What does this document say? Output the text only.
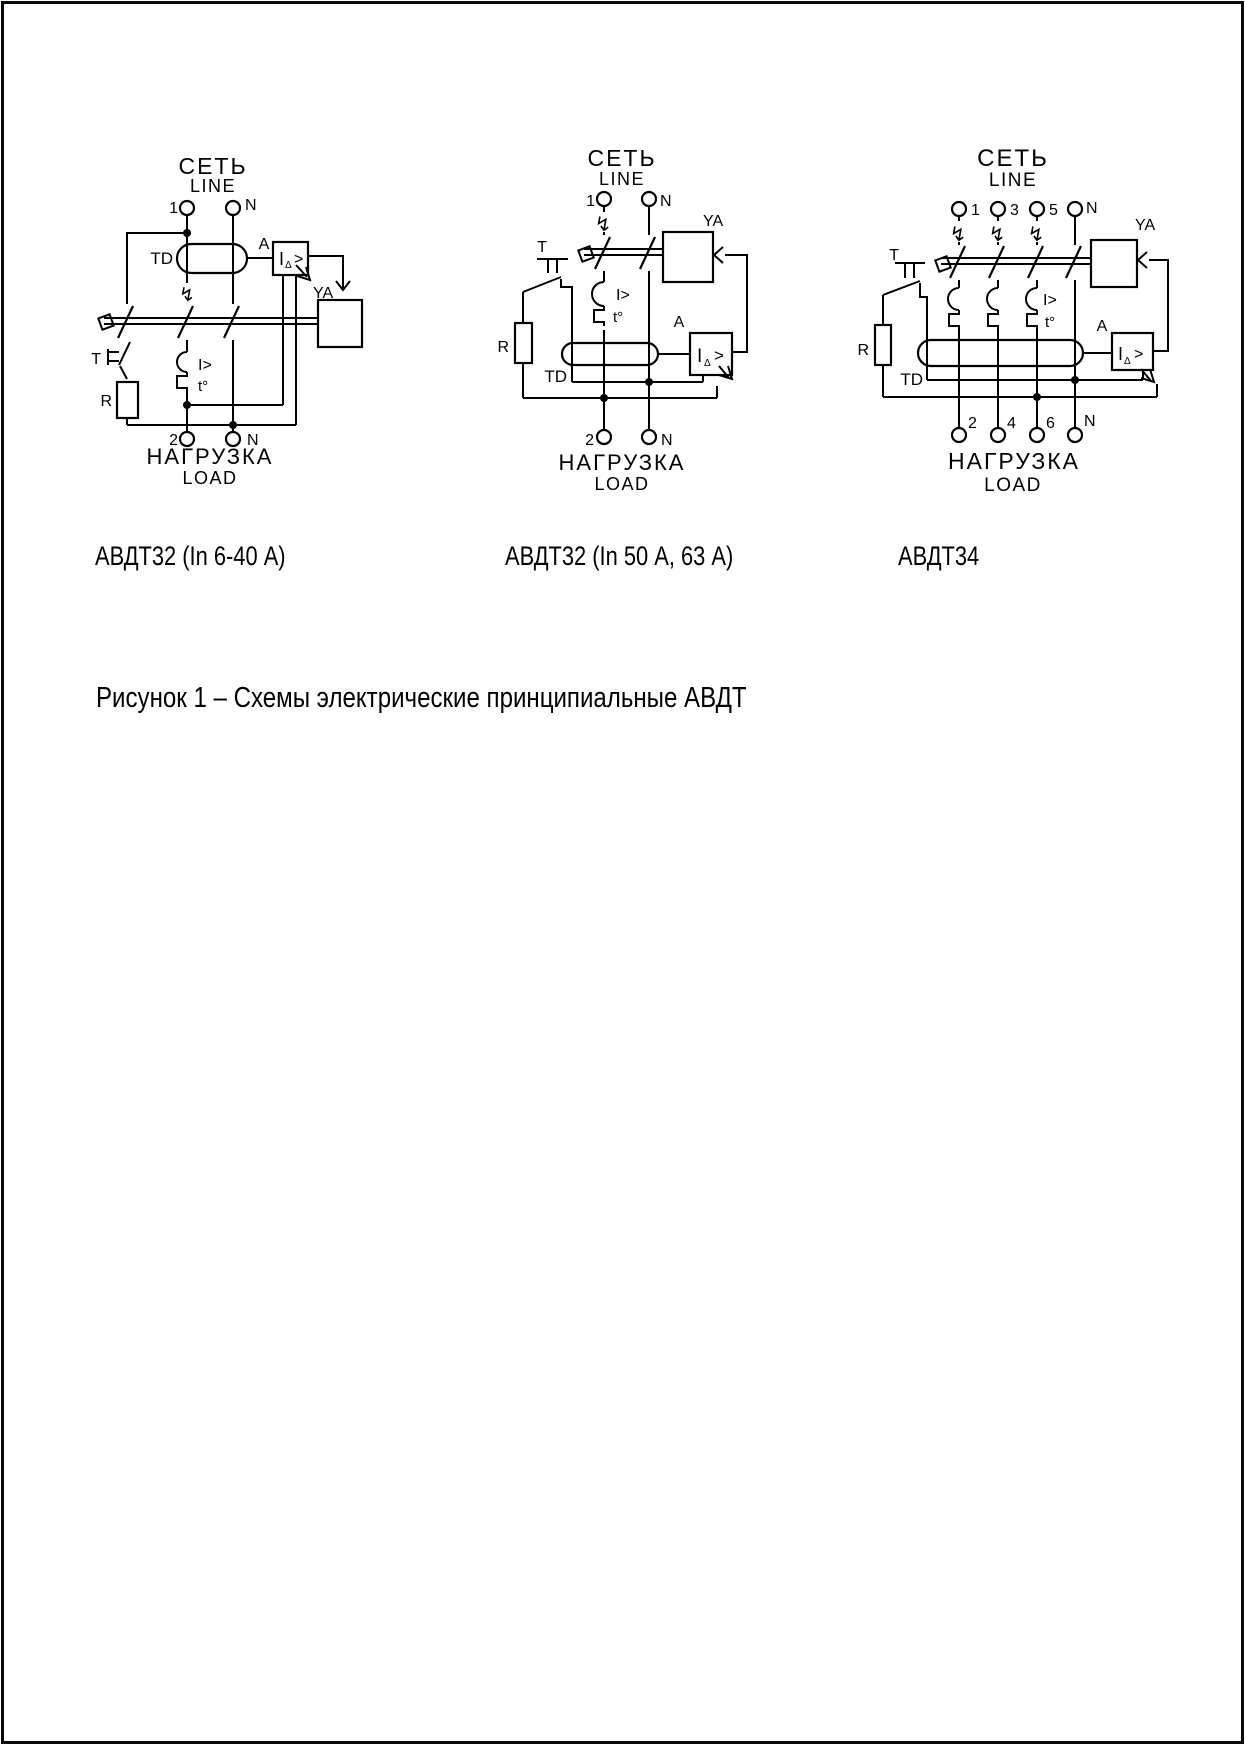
СЕТЬ
LINE
1	N
TD
↯
T
R
I>
t°
A
I Δ >
YA
2	N
НАГРУЗКА
LOAD
СЕТЬ
LINE
1	N
↯
T
R
I>
t°
TD
A
I Δ >
YA
2	N
НАГРУЗКА
LOAD
СЕТЬ
LINE
1 3 5 N
↯ ↯ ↯
T
R
I>
t°
TD
A
I Δ >
YA
2 4 6 N
НАГРУЗКА
LOAD
АВДТ32 (In 6-40 А)	АВДТ32 (In 50 А, 63 А)	АВДТ34
Рисунок 1 – Схемы электрические принципиальные АВДТ
